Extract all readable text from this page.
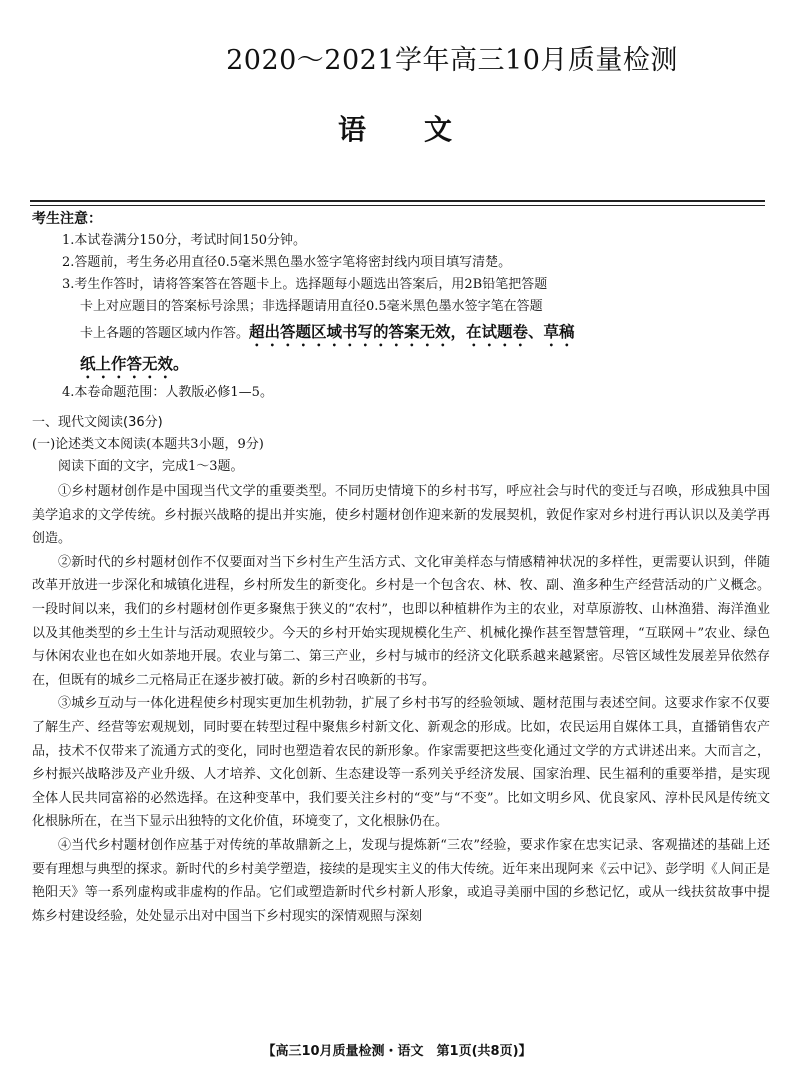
2020～2021学年高三10月质量检测
语文
考生注意：
1.本试卷满分150分，考试时间150分钟。
2.答题前，考生务必用直径0.5毫米黑色墨水签字笔将密封线内项目填写清楚。
3.考生作答时，请将答案答在答题卡上。选择题每小题选出答案后，用2B铅笔把答题
卡上对应题目的答案标号涂黑；非选择题请用直径0.5毫米黑色墨水签字笔在答题
卡上各题的答题区域内作答。超出答题区域书写的答案无效，在试题卷、草稿
纸上作答无效。
4.本卷命题范围：人教版必修1—5。
一、现代文阅读(36分)
(一)论述类文本阅读(本题共3小题，9分)
阅读下面的文字，完成1～3题。

①乡村题材创作是中国现当代文学的重要类型。不同历史情境下的乡村书写，呼应社会与时代的变迁与召唤，形成独具中国美学追求的文学传统。乡村振兴战略的提出并实施，使乡村题材创作迎来新的发展契机，敦促作家对乡村进行再认识以及美学再创造。

②新时代的乡村题材创作不仅要面对当下乡村生产生活方式、文化审美样态与情感精神状况的多样性，更需要认识到，伴随改革开放进一步深化和城镇化进程，乡村所发生的新变化。乡村是一个包含农、林、牧、副、渔多种生产经营活动的广义概念。一段时间以来，我们的乡村题材创作更多聚焦于狭义的“农村”，也即以种植耕作为主的农业，对草原游牧、山林渔猎、海洋渔业以及其他类型的乡土生计与活动观照较少。今天的乡村开始实现规模化生产、机械化操作甚至智慧管理，“互联网＋”农业、绿色与休闲农业也在如火如荼地开展。农业与第二、第三产业，乡村与城市的经济文化联系越来越紧密。尽管区域性发展差异依然存在，但既有的城乡二元格局正在逐步被打破。新的乡村召唤新的书写。

③城乡互动与一体化进程使乡村现实更加生机勃勃，扩展了乡村书写的经验领域、题材范围与表述空间。这要求作家不仅要了解生产、经营等宏观规划，同时要在转型过程中聚焦乡村新文化、新观念的形成。比如，农民运用自媒体工具，直播销售农产品，技术不仅带来了流通方式的变化，同时也塑造着农民的新形象。作家需要把这些变化通过文学的方式讲述出来。大而言之，乡村振兴战略涉及产业升级、人才培养、文化创新、生态建设等一系列关乎经济发展、国家治理、民生福利的重要举措，是实现全体人民共同富裕的必然选择。在这种变革中，我们要关注乡村的“变”与“不变”。比如文明乡风、优良家风、淳朴民风是传统文化根脉所在，在当下显示出独特的文化价值，环境变了，文化根脉仍在。

④当代乡村题材创作应基于对传统的革故鼎新之上，发现与提炼新“三农”经验，要求作家在忠实记录、客观描述的基础上还要有理想与典型的探求。新时代的乡村美学塑造，接续的是现实主义的伟大传统。近年来出现阿来《云中记》、彭学明《人间正是艳阳天》等一系列虚构或非虚构的作品。它们或塑造新时代乡村新人形象，或追寻美丽中国的乡愁记忆，或从一线扶贫故事中提炼乡村建设经验，处处显示出对中国当下乡村现实的深情观照与深刻

【高三10月质量检测・语文　第1页(共8页)】
